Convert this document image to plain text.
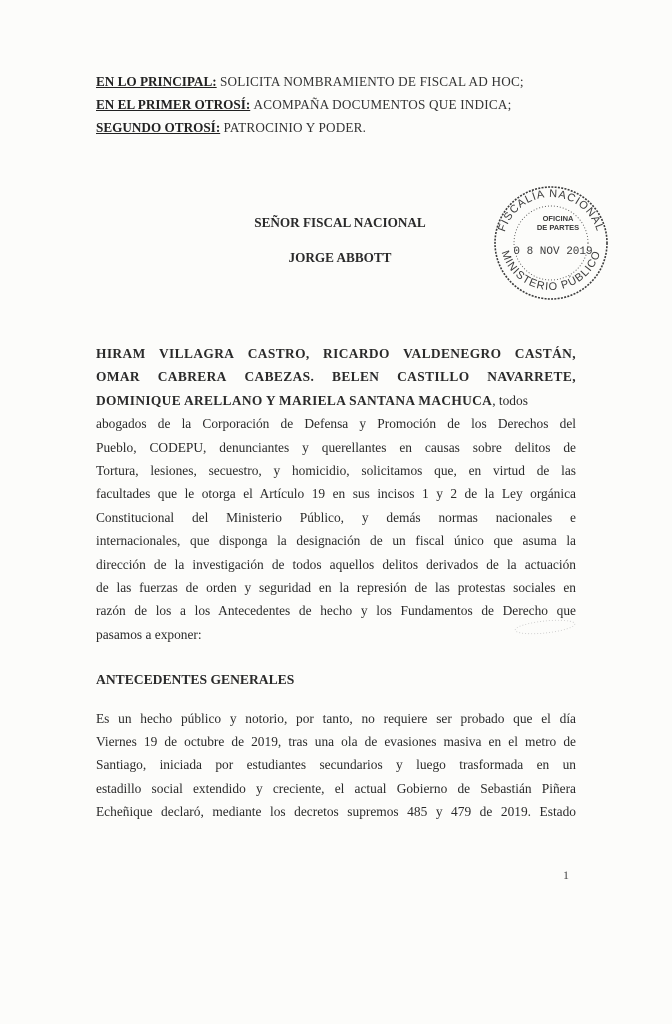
EN LO PRINCIPAL: SOLICITA NOMBRAMIENTO DE FISCAL AD HOC;
EN EL PRIMER OTROSÍ: ACOMPAÑA DOCUMENTOS QUE INDICA;
SEGUNDO OTROSÍ: PATROCINIO Y PODER.
SEÑOR FISCAL NACIONAL
JORGE ABBOTT
FISCALÍA NACIONAL
MINISTERIO PÚBLICO
OFICINA
DE PARTES
0 8 NOV 2019
HIRAM VILLAGRA CASTRO, RICARDO VALDENEGRO CASTÁN,
OMAR CABRERA CABEZAS. BELEN CASTILLO NAVARRETE,
DOMINIQUE ARELLANO Y MARIELA SANTANA MACHUCA, todos
abogados de la Corporación de Defensa y Promoción de los Derechos del
Pueblo, CODEPU, denunciantes y querellantes en causas sobre delitos de
Tortura, lesiones, secuestro, y homicidio, solicitamos que, en virtud de las
facultades que le otorga el Artículo 19 en sus incisos 1 y 2 de la Ley orgánica
Constitucional del Ministerio Público, y demás normas nacionales e
internacionales, que disponga la designación de un fiscal único que asuma la
dirección de la investigación de todos aquellos delitos derivados de la actuación
de las fuerzas de orden y seguridad en la represión de las protestas sociales en
razón de los a los Antecedentes de hecho y los Fundamentos de Derecho que
pasamos a exponer:
ANTECEDENTES GENERALES
Es un hecho público y notorio, por tanto, no requiere ser probado que el día
Viernes 19 de octubre de 2019, tras una ola de evasiones masiva en el metro de
Santiago, iniciada por estudiantes secundarios y luego trasformada en un
estadillo social extendido y creciente, el actual Gobierno de Sebastián Piñera
Echeñique declaró, mediante los decretos supremos 485 y 479 de 2019. Estado
1
